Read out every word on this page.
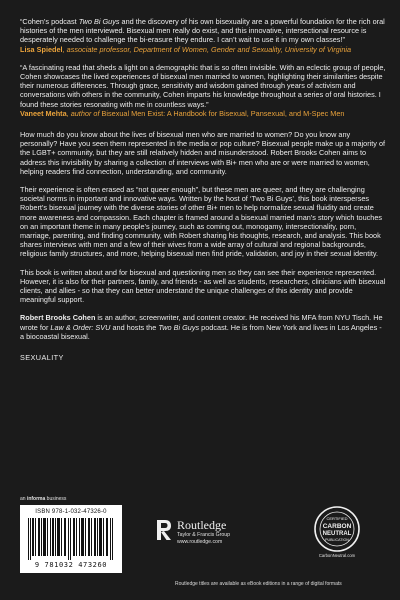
“Cohen’s podcast Two Bi Guys and the discovery of his own bisexuality are a powerful foundation for the rich oral histories of the men interviewed. Bisexual men really do exist, and this innovative, intersectional resource is desperately needed to challenge the bi-erasure they endure. I can’t wait to use it in my own classes!”

Lisa Spiedel, associate professor, Department of Women, Gender and Sexuality, University of Virginia

“A fascinating read that sheds a light on a demographic that is so often invisible. With an eclectic group of people, Cohen showcases the lived experiences of bisexual men married to women, highlighting their similarities despite their numerous differences. Through grace, sensitivity and wisdom gained through years of activism and conversations with others in the community, Cohen imparts his knowledge throughout a series of oral histories. I found these stories resonating with me in countless ways.”

Vaneet Mehta, author of Bisexual Men Exist: A Handbook for Bisexual, Pansexual, and M-Spec Men

How much do you know about the lives of bisexual men who are married to women? Do you know any personally? Have you seen them represented in the media or pop culture? Bisexual people make up a majority of the LGBT+ community, but they are still relatively hidden and misunderstood. Robert Brooks Cohen aims to address this invisibility by sharing a collection of interviews with Bi+ men who are or were married to women, helping readers find connection, understanding, and community.

Their experience is often erased as “not queer enough”, but these men are queer, and they are challenging societal norms in important and innovative ways. Written by the host of ‘Two Bi Guys’, this book intersperses Robert’s bisexual journey with the diverse stories of other Bi+ men to help normalize sexual fluidity and create more awareness and compassion. Each chapter is framed around a bisexual married man’s story which touches on an important theme in many people’s journey, such as coming out, monogamy, intersectionality, porn, marriage, parenting, and finding community, with Robert sharing his thoughts, research, and analysis. This book shares interviews with men and a few of their wives from a wide array of cultural and regional backgrounds, religious family structures, and more, helping bisexual men find pride, validation, and joy in their sexual identity.

This book is written about and for bisexual and questioning men so they can see their experience represented. However, it is also for their partners, family, and friends - as well as students, researchers, clinicians with bisexual clients, and allies - so that they can better understand the unique challenges of this identity and provide meaningful support.

Robert Brooks Cohen is an author, screenwriter, and content creator. He received his MFA from NYU Tisch. He wrote for Law & Order: SVU and hosts the Two Bi Guys podcast. He is from New York and lives in Los Angeles - a biocoastal bisexual.

SEXUALITY

an informa business
ISBN 978-1-032-47326-0
9 781032 473260
Routledge
Taylor & Francis Group
www.routledge.com
CERTIFIED
CARBON
NEUTRAL
PUBLICATION
CarbonNeutral.com
Routledge titles are available as eBook editions in a range of digital formats
